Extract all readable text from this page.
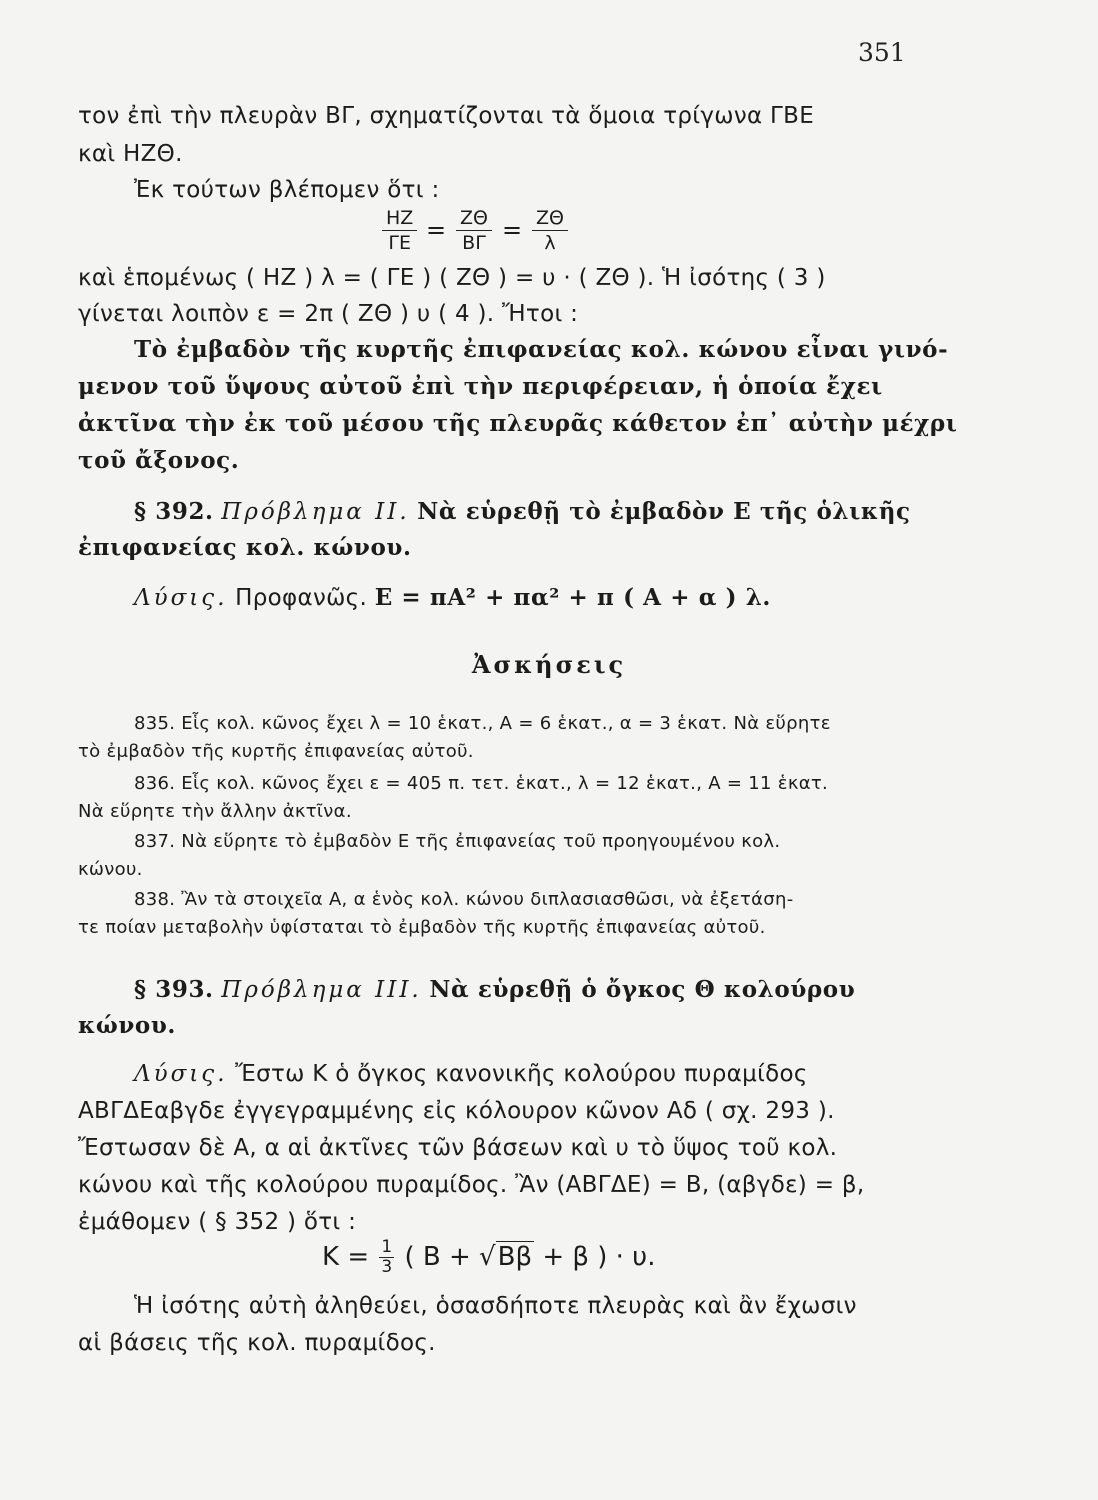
351
τον ἐπὶ τὴν πλευρὰν ΒΓ, σχηματίζονται τὰ ὅμοια τρίγωνα ΓΒΕ
καὶ ΗΖΘ.
Ἐκ τούτων βλέπομεν ὅτι :
$\frac{HZ}{\Gamma E} = \frac{Z\Theta}{B\Gamma} = \frac{Z\Theta}{\lambda}$
καὶ ἑπομένως ( ΗΖ ) λ = ( ΓΕ ) ( ΖΘ ) = υ · ( ΖΘ ). Ἡ ἰσότης ( 3 )
γίνεται λοιπὸν ε = 2π ( ΖΘ ) υ ( 4 ). Ἤτοι :
Τὸ ἐμβαδὸν τῆς κυρτῆς ἐπιφανείας κολ. κώνου εἶναι γινό-
μενον τοῦ ὕψους αὐτοῦ ἐπὶ τὴν περιφέρειαν, ἡ ὁποία ἔχει
ἀκτῖνα τὴν ἐκ τοῦ μέσου τῆς πλευρᾶς κάθετον ἐπ᾽ αὐτὴν μέχρι
τοῦ ἄξονος.
§ 392. Πρόβλημα ΙΙ. Νὰ εὑρεθῇ τὸ ἐμβαδὸν Ε τῆς ὁλικῆς
ἐπιφανείας κολ. κώνου.
Λύσις. Προφανῶς. Ε = πΑ² + πα² + π ( Α + α ) λ.
Ἀσκήσεις
835. Εἷς κολ. κῶνος ἔχει λ = 10 ἑκατ., Α = 6 ἑκατ., α = 3 ἑκατ. Νὰ εὕρητε
τὸ ἐμβαδὸν τῆς κυρτῆς ἐπιφανείας αὐτοῦ.
836. Εἷς κολ. κῶνος ἔχει ε = 405 π. τετ. ἑκατ., λ = 12 ἑκατ., Α = 11 ἑκατ.
Νὰ εὕρητε τὴν ἄλλην ἀκτῖνα.
837. Νὰ εὕρητε τὸ ἐμβαδὸν Ε τῆς ἐπιφανείας τοῦ προηγουμένου κολ.
κώνου.
838. Ἂν τὰ στοιχεῖα Α, α ἑνὸς κολ. κώνου διπλασιασθῶσι, νὰ ἐξετάση-
τε ποίαν μεταβολὴν ὑφίσταται τὸ ἐμβαδὸν τῆς κυρτῆς ἐπιφανείας αὐτοῦ.
§ 393. Πρόβλημα ΙΙΙ. Νὰ εὑρεθῇ ὁ ὄγκος Θ κολούρου
κώνου.
Λύσις. Ἔστω Κ ὁ ὄγκος κανονικῆς κολούρου πυραμίδος
ΑΒΓΔΕαβγδε ἐγγεγραμμένης εἰς κόλουρον κῶνον Αδ ( σχ. 293 ).
Ἔστωσαν δὲ Α, α αἱ ἀκτῖνες τῶν βάσεων καὶ υ τὸ ὕψος τοῦ κολ.
κώνου καὶ τῆς κολούρου πυραμίδος. Ἂν (ΑΒΓΔΕ) = Β, (αβγδε) = β,
ἐμάθομεν ( § 352 ) ὅτι :
$K = \frac{1}{3}$ ( Β + √Ββ + β ) · υ.
Ἡ ἰσότης αὐτὴ ἀληθεύει, ὁσασδήποτε πλευρὰς καὶ ἂν ἔχωσιν
αἱ βάσεις τῆς κολ. πυραμίδος.
